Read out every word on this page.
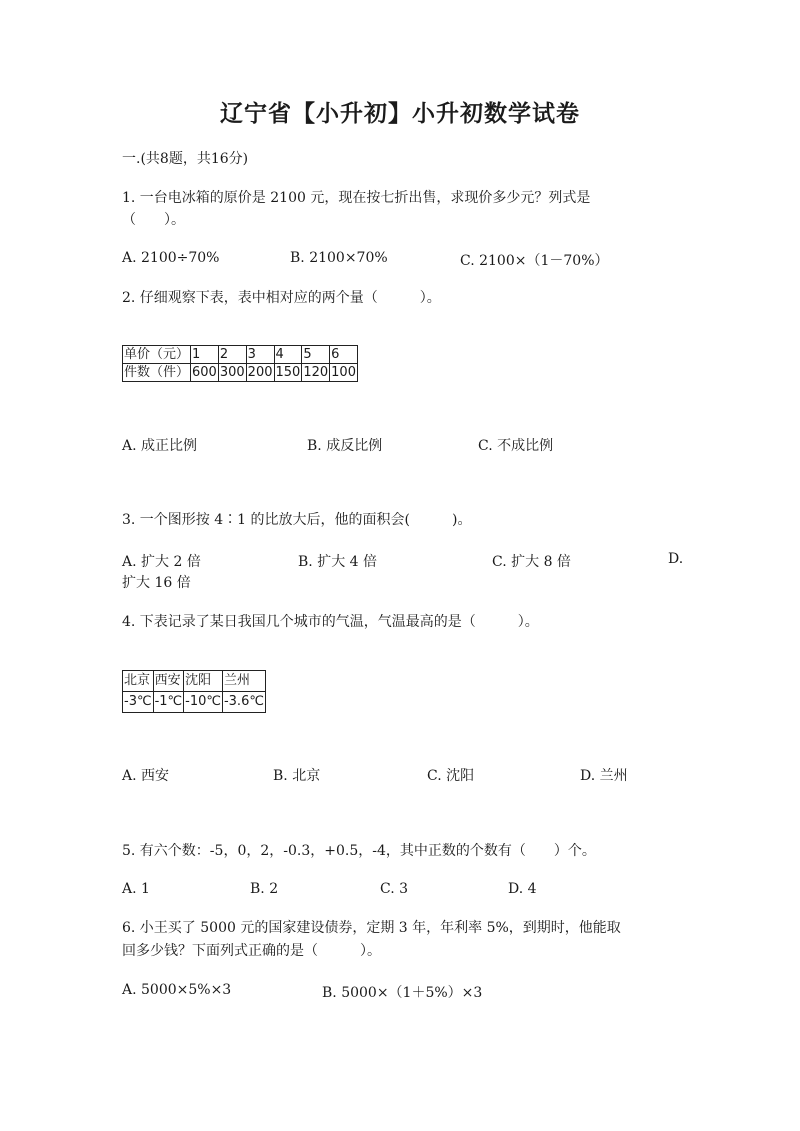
辽宁省【小升初】小升初数学试卷
一.(共8题，共16分)
1. 一台电冰箱的原价是 2100 元，现在按七折出售，求现价多少元？列式是
（　　）。
A. 2100÷70%	B. 2100×70%	C. 2100×（1－70%）
2. 仔细观察下表，表中相对应的两个量（　　　）。
单价（元）	1	2	3	4	5	6
件数（件）	600	300	200	150	120	100
A. 成正比例	B. 成反比例	C. 不成比例
3. 一个图形按 4∶1 的比放大后，他的面积会(　　　)。
A. 扩大 2 倍	B. 扩大 4 倍	C. 扩大 8 倍	D.
扩大 16 倍
4. 下表记录了某日我国几个城市的气温，气温最高的是（　　　）。
北京	西安	沈阳	兰州
-3℃	-1℃	-10℃	-3.6℃
A. 西安	B. 北京	C. 沈阳	D. 兰州
5. 有六个数：-5，0，2，-0.3，+0.5，-4，其中正数的个数有（　　）个。
A. 1	B. 2	C. 3	D. 4
6. 小王买了 5000 元的国家建设债券，定期 3 年，年利率 5%，到期时，他能取
回多少钱？下面列式正确的是（　　　）。
A. 5000×5%×3	B. 5000×（1＋5%）×3
